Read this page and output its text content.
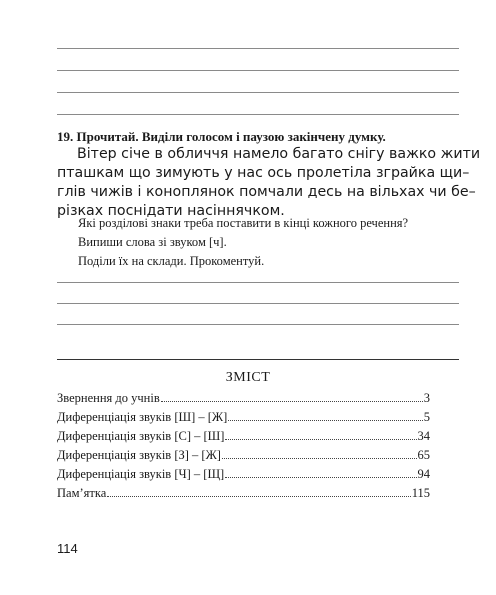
19. Прочитай. Виділи голосом і паузою закінчену думку.
Вітер січе в обличчя намело багато снігу важко жити
пташкам що зимують у нас ось пролетіла зграйка щи–
глів чижів і коноплянок помчали десь на вільхах чи бе–
різках поснідати насіннячком.
Які розділові знаки треба поставити в кінці кожного речення?
Випиши слова зі звуком [ч].
Поділи їх на склади. Прокоментуй.
ЗМІСТ
Звернення до учнів	3
Диференціація звуків [Ш] – [Ж]	5
Диференціація звуків [С] – [Ш]	34
Диференціація звуків [З] – [Ж]	65
Диференціація звуків [Ч] – [Щ]	94
Пам’ятка	115
114
